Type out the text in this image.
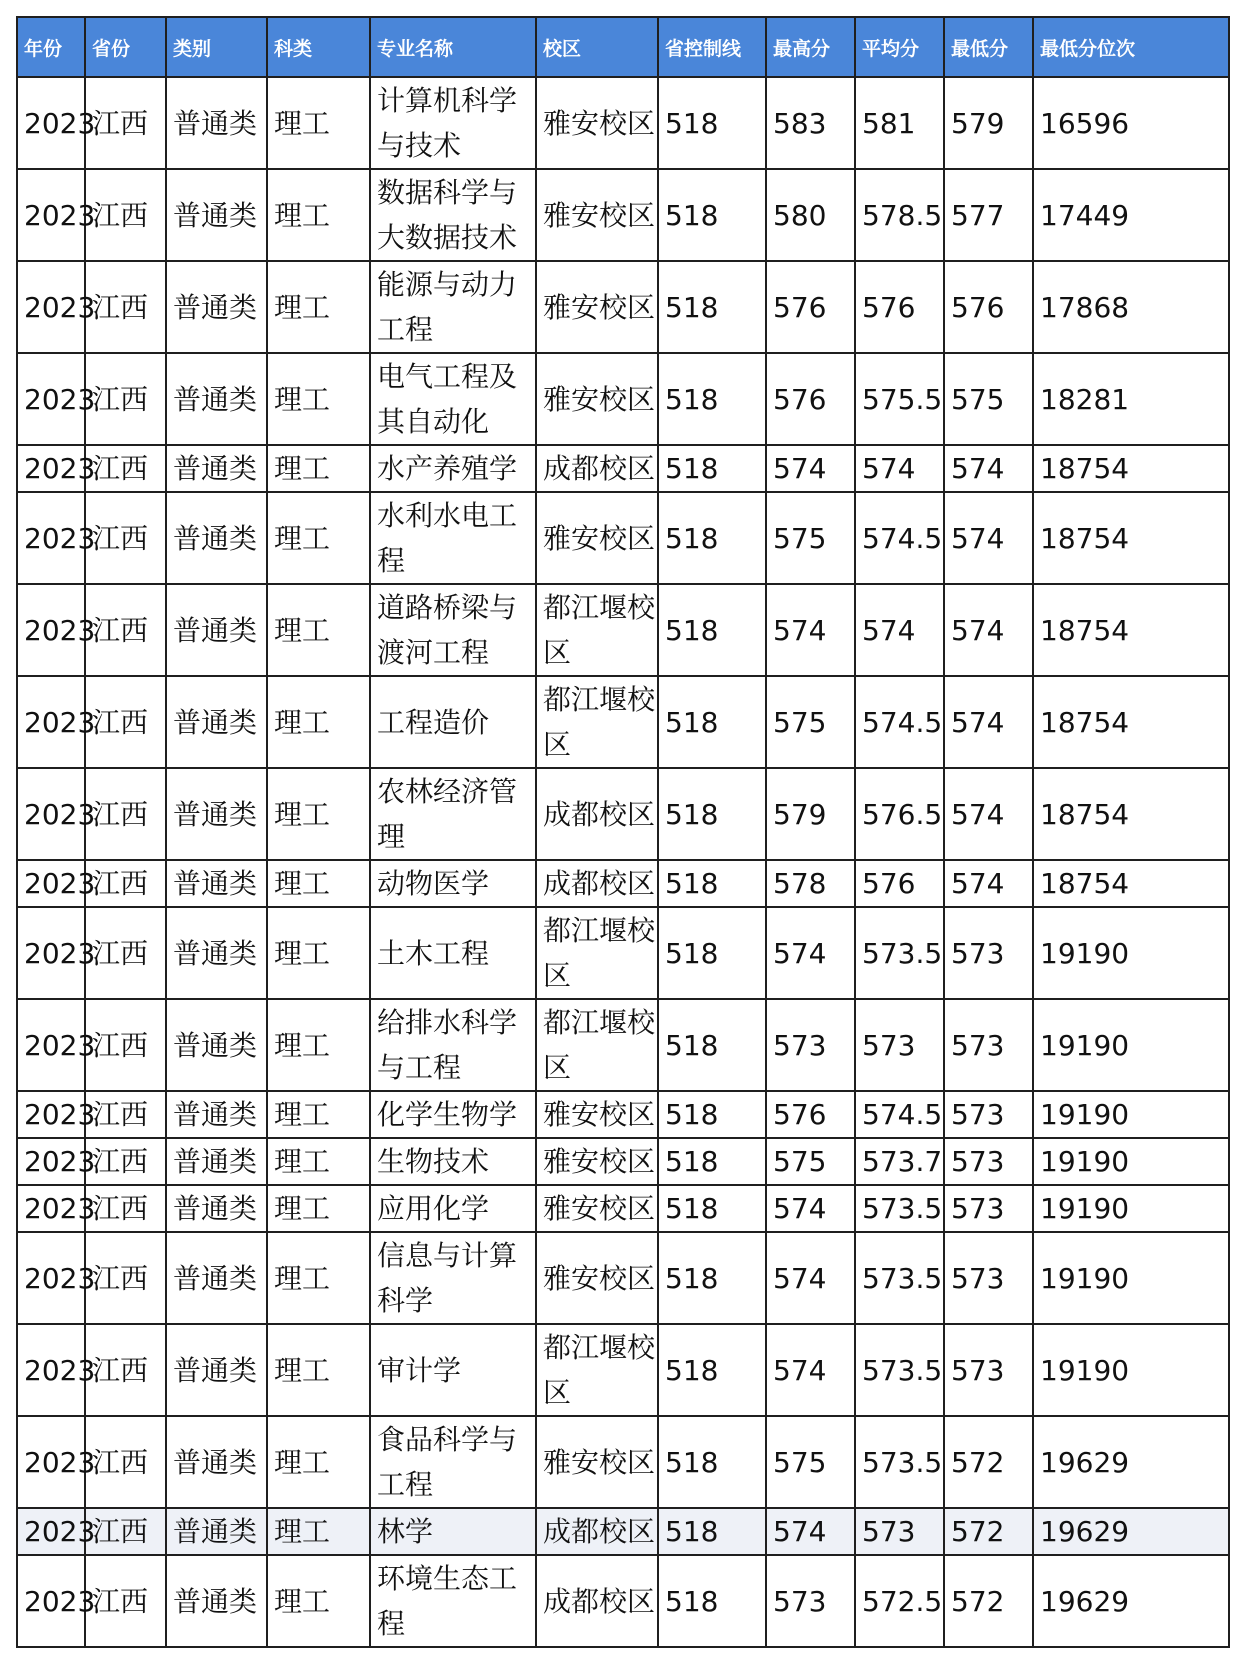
年份	省份	类别	科类	专业名称	校区	省控制线	最高分	平均分	最低分	最低分位次
2023	江西	普通类	理工	计算机科学与技术	雅安校区	518	583	581	579	16596
2023	江西	普通类	理工	数据科学与大数据技术	雅安校区	518	580	578.5	577	17449
2023	江西	普通类	理工	能源与动力工程	雅安校区	518	576	576	576	17868
2023	江西	普通类	理工	电气工程及其自动化	雅安校区	518	576	575.5	575	18281
2023	江西	普通类	理工	水产养殖学	成都校区	518	574	574	574	18754
2023	江西	普通类	理工	水利水电工程	雅安校区	518	575	574.5	574	18754
2023	江西	普通类	理工	道路桥梁与渡河工程	都江堰校区	518	574	574	574	18754
2023	江西	普通类	理工	工程造价	都江堰校区	518	575	574.5	574	18754
2023	江西	普通类	理工	农林经济管理	成都校区	518	579	576.5	574	18754
2023	江西	普通类	理工	动物医学	成都校区	518	578	576	574	18754
2023	江西	普通类	理工	土木工程	都江堰校区	518	574	573.5	573	19190
2023	江西	普通类	理工	给排水科学与工程	都江堰校区	518	573	573	573	19190
2023	江西	普通类	理工	化学生物学	雅安校区	518	576	574.5	573	19190
2023	江西	普通类	理工	生物技术	雅安校区	518	575	573.7	573	19190
2023	江西	普通类	理工	应用化学	雅安校区	518	574	573.5	573	19190
2023	江西	普通类	理工	信息与计算科学	雅安校区	518	574	573.5	573	19190
2023	江西	普通类	理工	审计学	都江堰校区	518	574	573.5	573	19190
2023	江西	普通类	理工	食品科学与工程	雅安校区	518	575	573.5	572	19629
2023	江西	普通类	理工	林学	成都校区	518	574	573	572	19629
2023	江西	普通类	理工	环境生态工程	成都校区	518	573	572.5	572	19629
